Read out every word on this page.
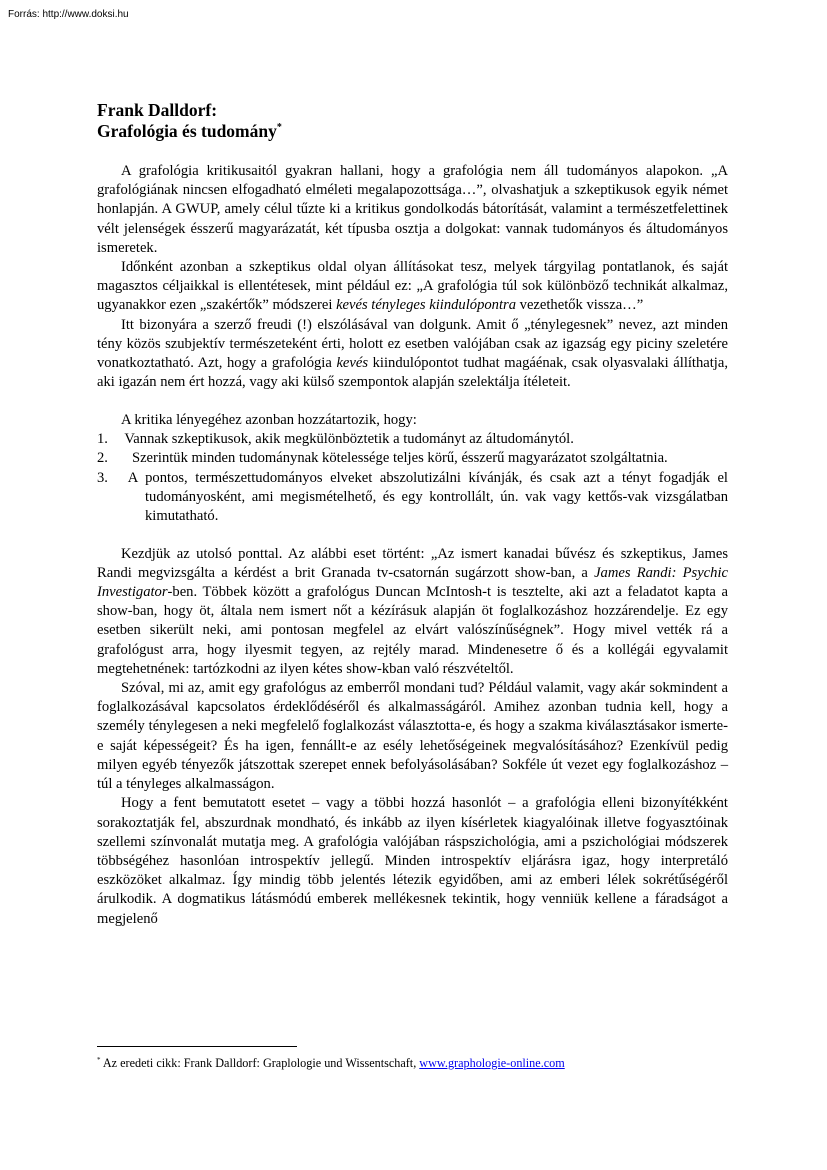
Forrás: http://www.doksi.hu
Frank Dalldorf:
Grafológia és tudomány*

A grafológia kritikusaitól gyakran hallani, hogy a grafológia nem áll tudományos alapokon. „A grafológiának nincsen elfogadható elméleti megalapozottsága…”, olvashatjuk a szkeptikusok egyik német honlapján. A GWUP, amely célul tűzte ki a kritikus gondolkodás bátorítását, valamint a természetfelettinek vélt jelenségek ésszerű magyarázatát, két típusba osztja a dolgokat: vannak tudományos és áltudományos ismeretek.

Időnként azonban a szkeptikus oldal olyan állításokat tesz, melyek tárgyilag pontatlanok, és saját magasztos céljaikkal is ellentétesek, mint például ez: „A grafológia túl sok különböző technikát alkalmaz, ugyanakkor ezen „szakértők” módszerei kevés tényleges kiindulópontra vezethetők vissza…”

Itt bizonyára a szerző freudi (!) elszólásával van dolgunk. Amit ő „ténylegesnek” nevez, azt minden tény közös szubjektív természeteként érti, holott ez esetben valójában csak az igazság egy piciny szeletére vonatkoztatható. Azt, hogy a grafológia kevés kiindulópontot tudhat magáénak, csak olyasvalaki állíthatja, aki igazán nem ért hozzá, vagy aki külső szempontok alapján szelektálja ítéleteit.

A kritika lényegéhez azonban hozzátartozik, hogy:

1. Vannak szkeptikusok, akik megkülönböztetik a tudományt az áltudománytól.

2. Szerintük minden tudománynak kötelessége teljes körű, ésszerű magyarázatot szolgáltatnia.

3. A pontos, természettudományos elveket abszolutizálni kívánják, és csak azt a tényt fogadják el tudományosként, ami megismételhető, és egy kontrollált, ún. vak vagy kettős-vak vizsgálatban kimutatható.

Kezdjük az utolsó ponttal. Az alábbi eset történt: „Az ismert kanadai bűvész és szkeptikus, James Randi megvizsgálta a kérdést a brit Granada tv-csatornán sugárzott show-ban, a James Randi: Psychic Investigator-ben. Többek között a grafológus Duncan McIntosh-t is tesztelte, aki azt a feladatot kapta a show-ban, hogy öt, általa nem ismert nőt a kézírásuk alapján öt foglalkozáshoz hozzárendelje. Ez egy esetben sikerült neki, ami pontosan megfelel az elvárt valószínűségnek”. Hogy mivel vették rá a grafológust arra, hogy ilyesmit tegyen, az rejtély marad. Mindenesetre ő és a kollégái egyvalamit megtehetnének: tartózkodni az ilyen kétes show-kban való részvételtől.

Szóval, mi az, amit egy grafológus az emberről mondani tud? Például valamit, vagy akár sokmindent a foglalkozásával kapcsolatos érdeklődéséről és alkalmasságáról. Amihez azonban tudnia kell, hogy a személy ténylegesen a neki megfelelő foglalkozást választotta-e, és hogy a szakma kiválasztásakor ismerte-e saját képességeit? És ha igen, fennállt-e az esély lehetőségeinek megvalósításához? Ezenkívül pedig milyen egyéb tényezők játszottak szerepet ennek befolyásolásában? Sokféle út vezet egy foglalkozáshoz – túl a tényleges alkalmasságon.

Hogy a fent bemutatott esetet – vagy a többi hozzá hasonlót – a grafológia elleni bizonyítékként sorakoztatják fel, abszurdnak mondható, és inkább az ilyen kísérletek kiagyalóinak illetve fogyasztóinak szellemi színvonalát mutatja meg. A grafológia valójában ráspszichológia, ami a pszichológiai módszerek többségéhez hasonlóan introspektív jellegű. Minden introspektív eljárásra igaz, hogy interpretáló eszközöket alkalmaz. Így mindig több jelentés létezik egyidőben, ami az emberi lélek sokrétűségéről árulkodik. A dogmatikus látásmódú emberek mellékesnek tekintik, hogy venniük kellene a fáradságot a megjelenő

* Az eredeti cikk: Frank Dalldorf: Graplologie und Wissentschaft, www.graphologie-online.com
